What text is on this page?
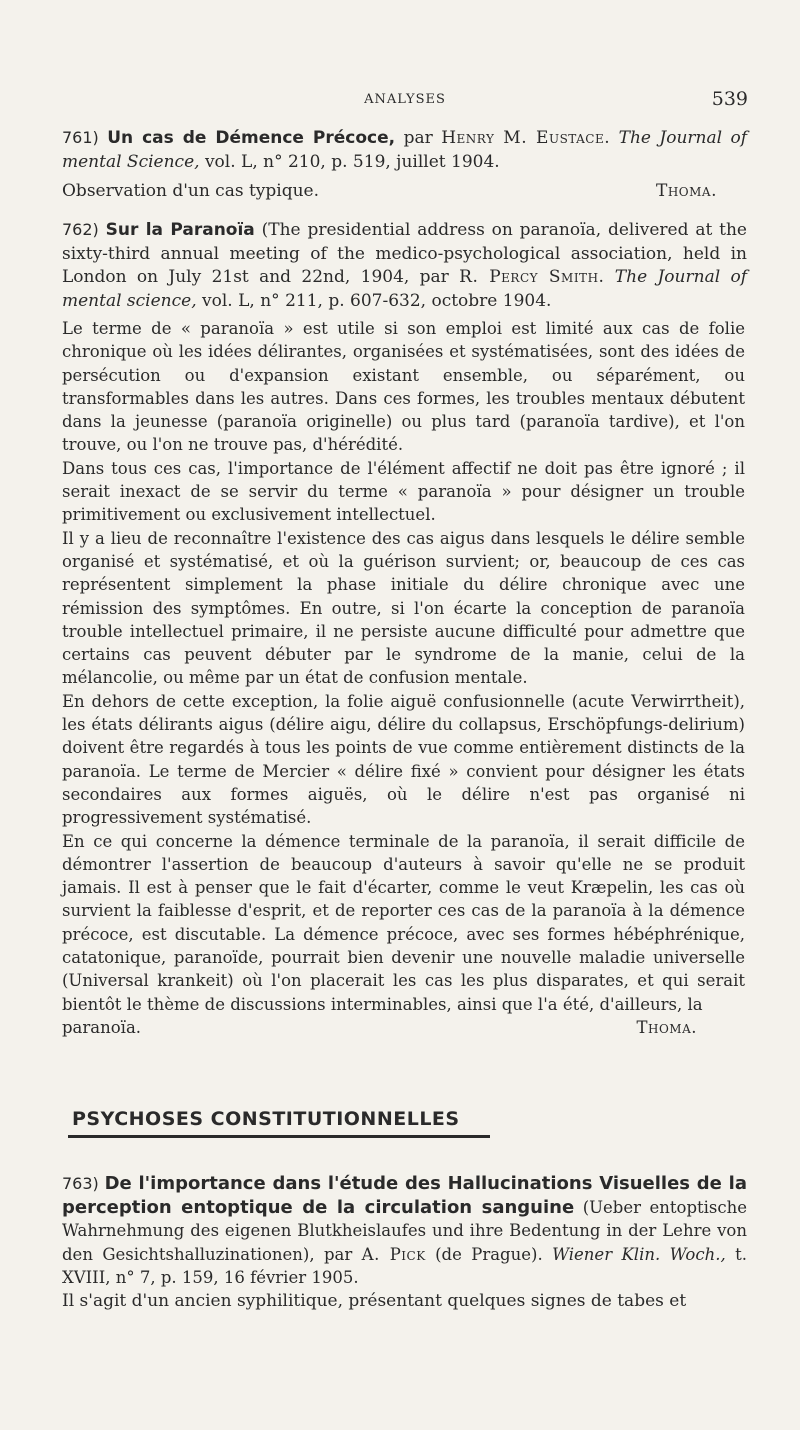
ANALYSES	539
761) Un cas de Démence Précoce, par Henry M. Eustace. The Journal of mental Science, vol. L, n° 210, p. 519, juillet 1904.
Observation d'un cas typique.	Thoma.
762) Sur la Paranoïa (The presidential address on paranoïa, delivered at the sixty-third annual meeting of the medico-psychological association, held in London on July 21st and 22nd, 1904, par R. Percy Smith. The Journal of mental science, vol. L, n° 211, p. 607-632, octobre 1904.

Le terme de « paranoïa » est utile si son emploi est limité aux cas de folie chronique où les idées délirantes, organisées et systématisées, sont des idées de persécution ou d'expansion existant ensemble, ou séparément, ou transformables dans les autres. Dans ces formes, les troubles mentaux débutent dans la jeunesse (paranoïa originelle) ou plus tard (paranoïa tardive), et l'on trouve, ou l'on ne trouve pas, d'hérédité.

Dans tous ces cas, l'importance de l'élément affectif ne doit pas être ignoré ; il serait inexact de se servir du terme « paranoïa » pour désigner un trouble primitivement ou exclusivement intellectuel.

Il y a lieu de reconnaître l'existence des cas aigus dans lesquels le délire semble organisé et systématisé, et où la guérison survient; or, beaucoup de ces cas représentent simplement la phase initiale du délire chronique avec une rémission des symptômes. En outre, si l'on écarte la conception de paranoïa trouble intellectuel primaire, il ne persiste aucune difficulté pour admettre que certains cas peuvent débuter par le syndrome de la manie, celui de la mélancolie, ou même par un état de confusion mentale.

En dehors de cette exception, la folie aiguë confusionnelle (acute Verwirrtheit), les états délirants aigus (délire aigu, délire du collapsus, Erschöpfungs-delirium) doivent être regardés à tous les points de vue comme entièrement distincts de la paranoïa. Le terme de Mercier « délire fixé » convient pour désigner les états secondaires aux formes aiguës, où le délire n'est pas organisé ni progressivement systématisé.

En ce qui concerne la démence terminale de la paranoïa, il serait difficile de démontrer l'assertion de beaucoup d'auteurs à savoir qu'elle ne se produit jamais. Il est à penser que le fait d'écarter, comme le veut Kræpelin, les cas où survient la faiblesse d'esprit, et de reporter ces cas de la paranoïa à la démence précoce, est discutable. La démence précoce, avec ses formes hébéphrénique, catatonique, paranoïde, pourrait bien devenir une nouvelle maladie universelle (Universal krankeit) où l'on placerait les cas les plus disparates, et qui serait bientôt le thème de discussions interminables, ainsi que l'a été, d'ailleurs, la

paranoïa.	Thoma.
PSYCHOSES CONSTITUTIONNELLES
763) De l'importance dans l'étude des Hallucinations Visuelles de la perception entoptique de la circulation sanguine (Ueber entoptische Wahrnehmung des eigenen Blutkheislaufes und ihre Bedentung in der Lehre von den Gesichtshalluzinationen), par A. Pick (de Prague). Wiener Klin. Woch., t. XVIII, n° 7, p. 159, 16 février 1905.
Il s'agit d'un ancien syphilitique, présentant quelques signes de tabes et
